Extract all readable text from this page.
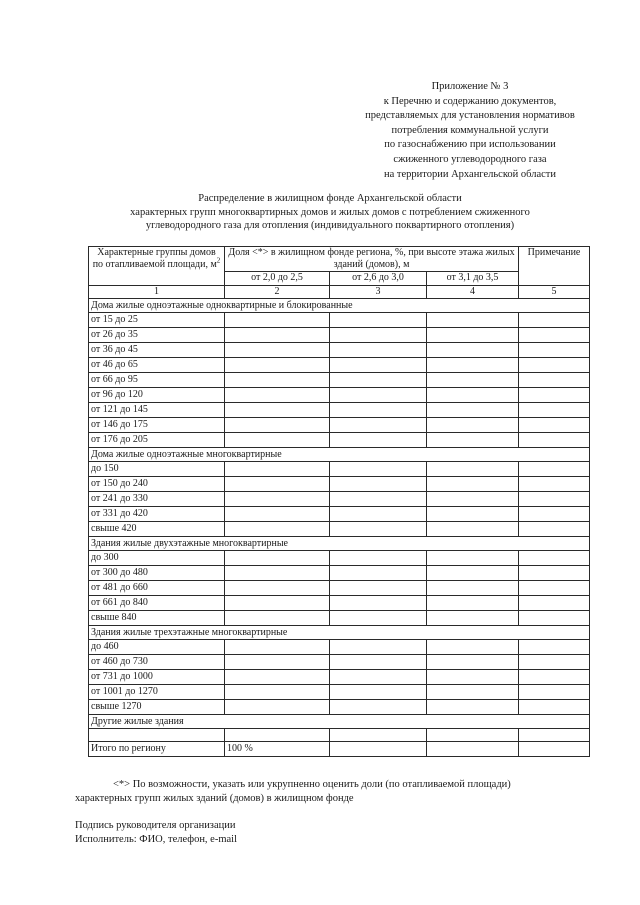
Приложение № 3
к Перечню и содержанию документов,
представляемых для установления нормативов
потребления коммунальной услуги
по газоснабжению при использовании
сжиженного углеводородного газа
на территории Архангельской области
Распределение в жилищном фонде Архангельской области
характерных групп многоквартирных домов и жилых домов с потреблением сжиженного
углеводородного газа для отопления (индивидуального поквартирного отопления)
Характерные группы домов по отапливаемой площади, $м^2$	Доля <*> в жилищном фонде региона, %, при высоте этажа жилых зданий (домов), м			Примечание
	от 2,0 до 2,5	от 2,6 до 3,0	от 3,1 до 3,5	
1	2	3	4	5
Дома жилые одноэтажные одноквартирные и блокированные				
от 15 до 25				
от 26 до 35				
от 36 до 45				
от 46 до 65				
от 66 до 95				
от 96 до 120				
от 121 до 145				
от 146 до 175				
от 176 до 205				
Дома жилые одноэтажные многоквартирные				
до 150				
от 150 до 240				
от 241 до 330				
от 331 до 420				
свыше 420				
Здания жилые двухэтажные многоквартирные				
до 300				
от 300 до 480				
от 481 до 660				
от 661 до 840				
свыше 840				
Здания жилые трехэтажные многоквартирные				
до 460				
от 460 до 730				
от 731 до 1000				
от 1001 до 1270				
свыше 1270				
Другие жилые здания				

Итого по региону	100 %			
<*> По возможности, указать или укрупненно оценить доли (по отапливаемой площади)
характерных групп жилых зданий (домов) в жилищном фонде
Подпись руководителя организации
Исполнитель: ФИО, телефон, e-mail
